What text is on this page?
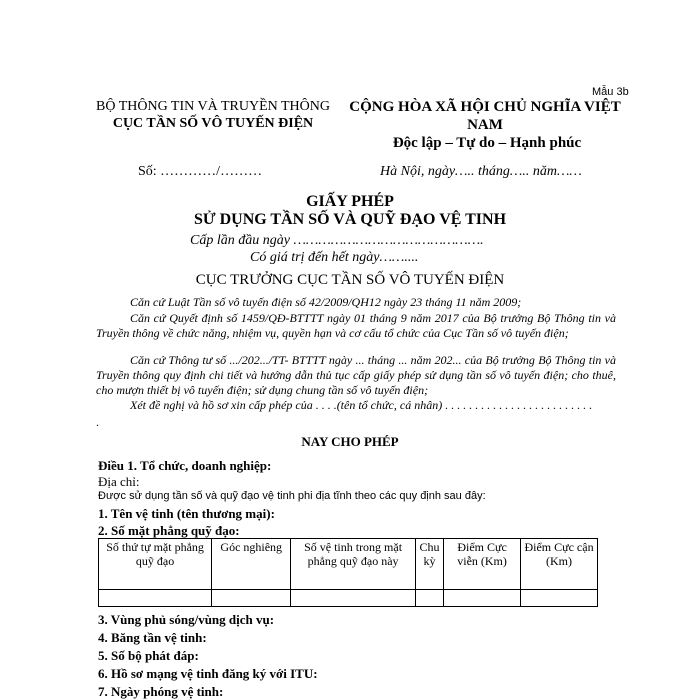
Mẫu 3b
BỘ THÔNG TIN VÀ TRUYỀN THÔNG
CỤC TẦN SỐ VÔ TUYẾN ĐIỆN
CỘNG HÒA XÃ HỘI CHỦ NGHĨA VIỆT NAM
Độc lập – Tự do – Hạnh phúc
Số: …………/………	Hà Nội, ngày….. tháng….. năm……
GIẤY PHÉP
SỬ DỤNG TẦN SỐ VÀ QUỸ ĐẠO VỆ TINH
Cấp lần đầu ngày ……………………………………….
Có giá trị đến hết ngày……....
CỤC TRƯỞNG CỤC TẦN SỐ VÔ TUYẾN ĐIỆN
Căn cứ Luật Tần số vô tuyến điện số 42/2009/QH12 ngày 23 tháng 11 năm 2009;
Căn cứ Quyết định số 1459/QĐ-BTTTT ngày 01 tháng 9 năm 2017 của Bộ trưởng Bộ Thông tin và Truyền thông về chức năng, nhiệm vụ, quyền hạn và cơ cấu tổ chức của Cục Tần số vô tuyến điện;
Căn cứ Thông tư số .../202.../TT- BTTTT ngày ... tháng ... năm 202... của Bộ trưởng Bộ Thông tin và Truyền thông quy định chi tiết và hướng dẫn thủ tục cấp giấy phép sử dụng tần số vô tuyến điện; cho thuê, cho mượn thiết bị vô tuyến điện; sử dụng chung tần số vô tuyến điện;
Xét đề nghị và hồ sơ xin cấp phép của . . . .(tên tổ chức, cá nhân) . . . . . . . . . . . . . . . . . . . . . . . . .
.
NAY CHO PHÉP
Điều 1. Tổ chức, doanh nghiệp:
Địa chỉ:
Được sử dụng tần số và quỹ đạo vệ tinh phi địa tĩnh theo các quy định sau đây:
1. Tên vệ tinh (tên thương mại):
2. Số mặt phẳng quỹ đạo:
Số thứ tự mặt phẳng quỹ đạo	Góc nghiêng	Số vệ tinh trong mặt phẳng quỹ đạo này	Chu kỳ	Điểm Cực viễn (Km)	Điểm Cực cận (Km)

3. Vùng phủ sóng/vùng dịch vụ:
4. Băng tần vệ tinh:
5. Số bộ phát đáp:
6. Hồ sơ mạng vệ tinh đăng ký với ITU:
7. Ngày phóng vệ tinh:
